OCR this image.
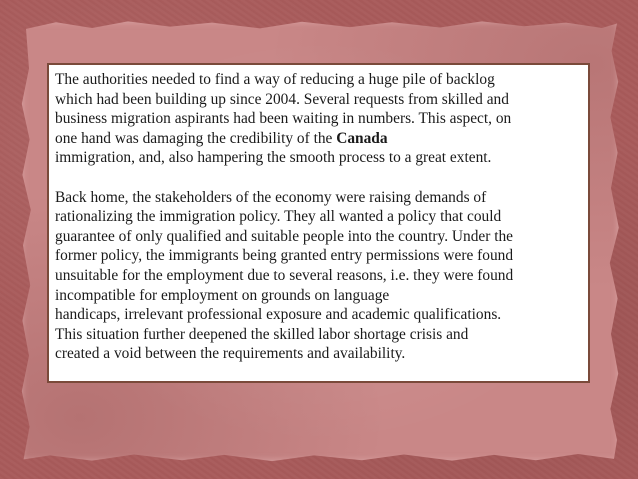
The authorities needed to find a way of reducing a huge pile of backlog
which had been building up since 2004. Several requests from skilled and
business migration aspirants had been waiting in numbers. This aspect, on
one hand was damaging the credibility of the Canada
immigration, and, also hampering the smooth process to a great extent.

Back home, the stakeholders of the economy were raising demands of
rationalizing the immigration policy. They all wanted a policy that could
guarantee of only qualified and suitable people into the country. Under the
former policy, the immigrants being granted entry permissions were found
unsuitable for the employment due to several reasons, i.e. they were found
incompatible for employment on grounds on language
handicaps, irrelevant professional exposure and academic qualifications.
This situation further deepened the skilled labor shortage crisis and
created a void between the requirements and availability.
